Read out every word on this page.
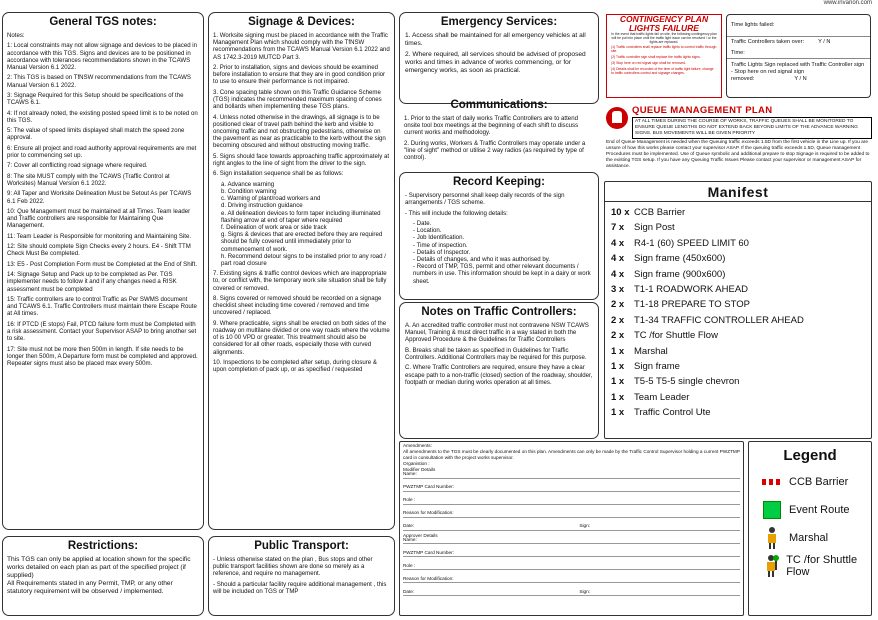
www.invarion.com
General TGS notes:

Notes:

1: Local constraints may not allow signage and devices to be placed in accordance with this TGS. Signs and devices are to be positioned in accordance with tolerances recommendations shown in the TCAWS Manual Version 6.1 2022.

2: This TGS is based on TfNSW recommendations from the TCAWS Manual Version 6.1 2022.

3: Signage Required for this Setup should be specifications of the TCAWS 6.1.

4: If not already noted, the existing posted speed limit is to be noted on this TGS.

5: The value of speed limits displayed shall match the speed zone approval.

6: Ensure all project and road authority approval requirements are met prior to commencing set up.

7: Cover all conflicting road signage where required.

8: The site MUST comply with the TCAWS (Traffic Control at Worksites) Manual Version 6.1 2022.

9: All Taper and Worksite Delineation Must be Setout As per TCAWS 6.1 Feb 2022.

10: Que Management must be maintained at all Times. Team leader and Traffic controllers are responsible for Maintaining Que Management.

11: Team Leader is Responsible for monitoring and Maintaining Site.

12: Site should complete Sign Checks every 2 hours. E4 - Shift TTM Check Must Be completed.

13: E5 - Post Completion Form must be Completed at the End of Shift.

14: Signage Setup and Pack up to be completed as Per. TGS implementer needs to follow it and if any changes need a RISK assessment must be completed

15: Traffic controllers are to control Traffic as Per SWMS document and TCAWS 6.1. Traffic Controllers must maintain there Escape Route at All times.

16: If PTCD (E stops) Fail, PTCD failure form must be Completed with a risk assessment. Contact your Supervisor ASAP to bring another set to site.

17: Site must not be more then 500m in length. If site needs to be longer then 500m, A Departure form must be completed and approved. Repeater signs must also be placed max every 500m.

Restrictions:
This TGS can only be applied at location shown for the specific works detailed on each plan as part of the specified project (if supplied)
All Requirements stated in any Permit, TMP, or any other statutory requirement will be observed / implemented.
Signage & Devices:

1. Worksite signing must be placed in accordance with the Traffic Management Plan which should comply with the TfNSW recommendations from the TCAWS Manual Version 6.1 2022 and AS 1742.3-2019 MUTCD Part 3.

2. Prior to installation, signs and devices should be examined before installation to ensure that they are in good condition prior to use to ensure their performance is not impaired.

3. Cone spacing table shown on this Traffic Guidance Scheme (TGS) indicates the recommended maximum spacing of cones and bollards when implementing these TGS plans.

4. Unless noted otherwise in the drawings, all signage is to be positioned clear of travel path behind the kerb and visible to oncoming traffic and not obstructing pedestrians, otherwise on the pavement as near as practicable to the kerb without the sign becoming obscured and without obstructing moving traffic.

5. Signs should face towards approaching traffic approximately at right angles to the line of sight from the driver to the sign.

6. Sign installation sequence shall be as follows:

a. Advance warning
b. Condition warning
c. Warning of plant/road workers and
d. Driving instruction guidance
e. All delineation devices to form taper including illuminated flashing arrow at end of taper where required
f. Delineation of work area or side track
g. Signs & devices that are erected before they are required should be fully covered until immediately prior to commencement of work.
h. Recommend detour signs to be installed prior to any road / part road closure

7. Existing signs & traffic control devices which are inappropriate to, or conflict with, the temporary work site situation shall be fully covered or removed.

8. Signs covered or removed should be recorded on a signage checklist sheet including time covered / removed and time uncovered / replaced.

9. Where practicable, signs shall be erected on both sides of the roadway on multilane divided or one way roads where the volume of is 10 00 VPD or greater. This treatment should also be considered for all other roads, especially those with curved alignments.

10. Inspections to be completed after setup, during closure & upon completion of pack up, or as specified / requested

Public Transport:

- Unless otherwise stated on the plan , Bus stops and other public transport facilities shown are done so merely as a reference, and require no management.

- Should a particular facility require additional management , this will be included on TGS or TMP

Emergency Services:

1. Access shall be maintained for all emergency vehicles at all times.

2. Where required, all services should be advised of proposed works and times in advance of works commencing, or for emergency works, as soon as practical.

Communications:

1. Prior to the start of daily works Traffic Controllers are to attend onsite tool box meetings at the beginning of each shift to discuss current works and methodology.

2. During works, Workers & Traffic Controllers may operate under a "line of sight" method or utilise 2 way radios (as required by type of control).

Record Keeping:

- Supervisory personnel shall keep daily records of the sign arrangements / TGS scheme.

- This will include the following details:

- Date.
- Location.
- Job Identification.
- Time of inspection.
- Details of Inspector.
- Details of changes, and who it was authorised by.
- Record of TMP, TGS, permit and other relevant documents / numbers in use. This information should be kept in a dairy or work sheet.
Notes on Traffic Controllers:

A. An accredited traffic controller must not contravene NSW TCAWS Manuel, Training & must direct traffic in a way stated in both the Approved Procedure & the Guidelines for Traffic Controllers

B. Breaks shall be taken as specified in Guidelines for Traffic Controllers. Additional Controllers may be required for this purpose.

C. Where Traffic Controllers are required, ensure they have a clear escape path to a non-traffic (closed) section of the roadway, shoulder, footpath or median during works operation at all times.

CONTINGENCY PLAN
LIGHTS FAILURE
In the event that traffic lights fail on site, the following contingency plan will be put into place until the traffic light issue can be resolved / or the lights are replaced.
(1) Traffic controllers shall replace traffic lights to control traffic through site.
(2) Traffic controller sign shall replace the traffic lights signs.
(3) Stop here on red signal sign shall be removed.
(4) Details shall be recorded of the time of traffic light failure, change to traffic controllers control and signage changes.
Time lights failed:
Traffic Controllers taken over:	Y / N
Time:
Traffic Lights Sign replaced with Traffic Controller sign - Stop here on red signal sign removed:	Y / N
QUEUE MANAGEMENT PLAN
AT ALL TIMES DURING THE COURSE OF WORKS, TRAFFIC QUEUES SHALL BE MONITORED TO ENSURE QUEUE LENGTHS DO NOT EXTEND BACK BEYOND LIMITS OF THE ADVANCE WARNING SIGNS. BUS MOVEMENTS WILL BE GIVEN PRIORITY
End of Queue Management is needed when the Queuing traffic exceeds 1.5D from the first vehicle in the Line up. If you are unsure of how this works please contact your supervisor ASAP. If the queuing traffic exceeds 1.5D, Queue management Procedures must be implemented. Use of Queue symbolic and additional prepare to stop Signage is required to be added to the existing TGS setup. If you have any Queuing Traffic Issues Please contact your supervisor or management ASAP for assistance.
Manifest
10 x CCB Barrier
7 x	Sign Post
4 x	R4-1 (60) SPEED LIMIT 60
4 x	Sign frame (450x600)
4 x	Sign frame (900x600)
3 x	T1-1 ROADWORK AHEAD
2 x	T1-18 PREPARE TO STOP
2 x	T1-34 TRAFFIC CONTROLLER AHEAD
2 x	TC /for Shuttle Flow
1 x	Marshal
1 x	Sign frame
1 x	T5-5 T5-5 single chevron
1 x	Team Leader
1 x	Traffic Control Ute
Amendments:
All amendments to the TGS must be clearly documented on this plan. Amendments can only be made by the Traffic Control Supervisor holding a current PWZTMP card in consultation with the project works supervisor.
Organistion :
Modifier Details
Name:
PWZTMP Card Number:
Role :
Reason for Modification:
Date:	Sign:
Approver Details
Name:
PWZTMP Card Number:
Role :
Reason for Modification:
Date:	Sign:
Legend
CCB Barrier
Event Route
Marshal
TC /for Shuttle Flow
